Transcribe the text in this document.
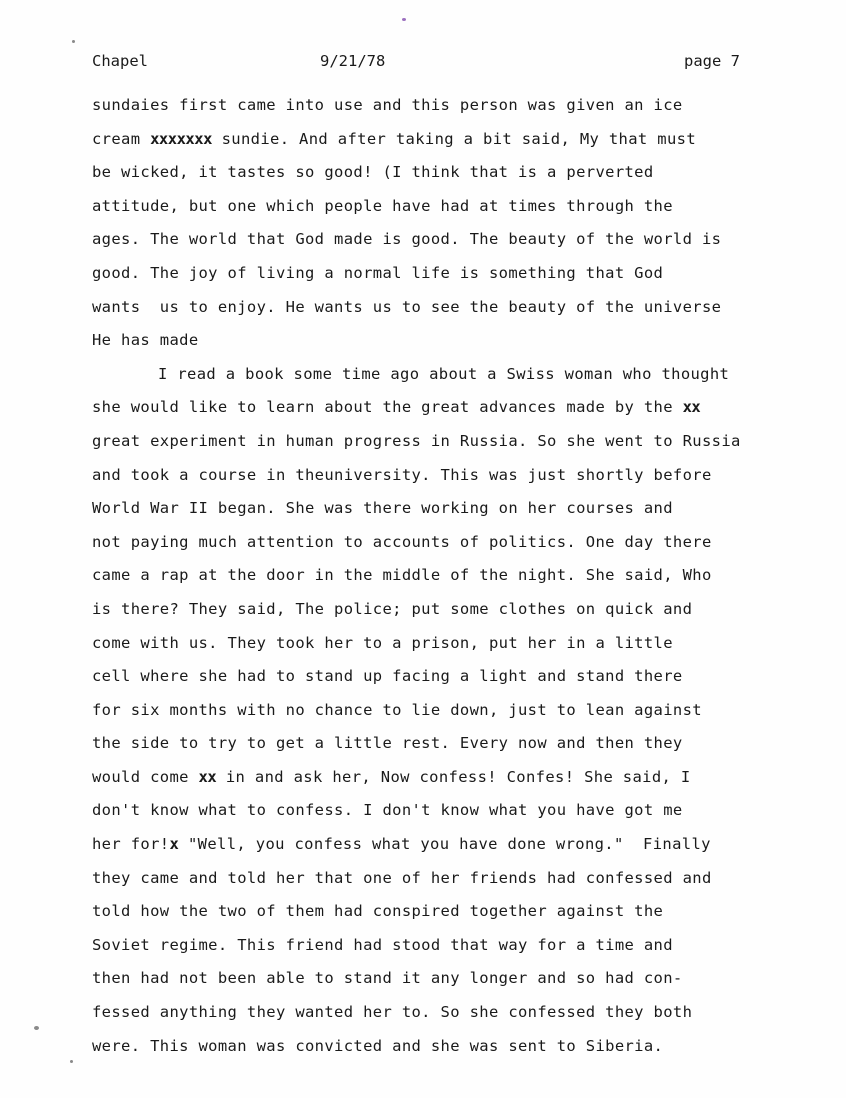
Chapel	9/21/78	page 7
sundaies first came into use and this person was given an ice
cream xxxxxxx sundie. And after taking a bit said, My that must
be wicked, it tastes so good! (I think that is a perverted
attitude, but one which people have had at times through the
ages. The world that God made is good. The beauty of the world is
good. The joy of living a normal life is something that God
wants  us to enjoy. He wants us to see the beauty of the universe
He has made
I read a book some time ago about a Swiss woman who thought
she would like to learn about the great advances made by the xx
great experiment in human progress in Russia. So she went to Russia
and took a course in theuniversity. This was just shortly before
World War II began. She was there working on her courses and
not paying much attention to accounts of politics. One day there
came a rap at the door in the middle of the night. She said, Who
is there? They said, The police; put some clothes on quick and
come with us. They took her to a prison, put her in a little
cell where she had to stand up facing a light and stand there
for six months with no chance to lie down, just to lean against
the side to try to get a little rest. Every now and then they
would come xx in and ask her, Now confess! Confes! She said, I
don't know what to confess. I don't know what you have got me
her for!x "Well, you confess what you have done wrong."  Finally
they came and told her that one of her friends had confessed and
told how the two of them had conspired together against the
Soviet regime. This friend had stood that way for a time and
then had not been able to stand it any longer and so had con-
fessed anything they wanted her to. So she confessed they both
were. This woman was convicted and she was sent to Siberia.
